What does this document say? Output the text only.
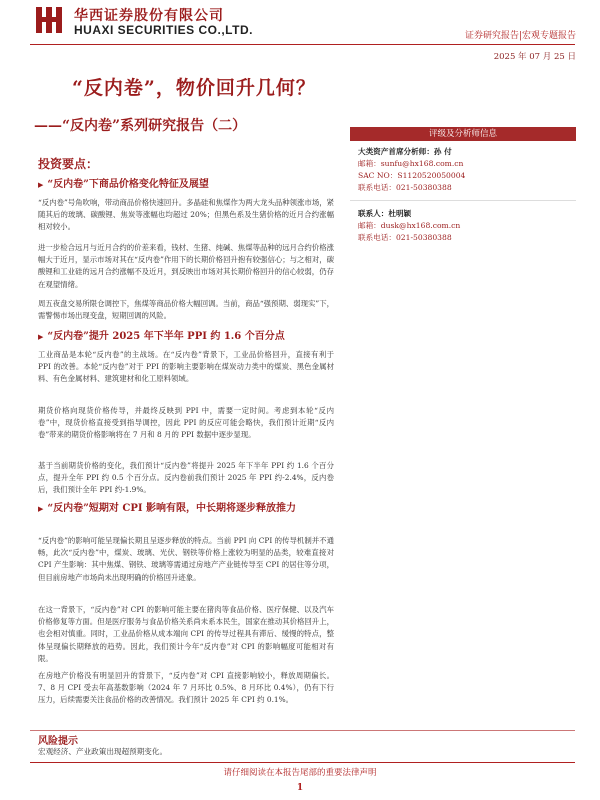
华西证券股份有限公司
HUAXI SECURITIES CO.,LTD.	证券研究报告|宏观专题报告
2025 年 07 月 25 日
“反内卷”，物价回升几何？
——“反内卷”系列研究报告（二）
投资要点：
▶ “反内卷”下商品价格变化特征及展望
“反内卷”号角吹响，带动商品价格快速回升。多晶硅和焦煤作为两大龙头品种领涨市场，紧随其后的玻璃、碳酸锂、焦炭等涨幅也均超过 20%；但黑色系及生猪价格的近月合约涨幅相对较小。
进一步检合远月与近月合约的价差来看，钱材、生猪、纯碱、焦煤等品种的远月合约价格涨幅大于近月，显示市场对其在“反内卷”作用下的长期价格回升抱有较强信心；与之相对，碳酸锂和工业硅的远月合约涨幅不及近月，到反映出市场对其长期价格回升的信心较弱，仍存在观望情绪。
周五夜盘交易所限仓调控下，焦煤等商品价格大幅回调。当前，商品“强预期、弱现实”下，需警惕市场出现变盘，短期回调的风险。
▶ “反内卷”提升 2025 年下半年 PPI 约 1.6 个百分点
工业商品是本轮“反内卷”的主战场。在“反内卷”背景下，工业品价格回升，直接有利于 PPI 的改善。本轮“反内卷”对于 PPI 的影响主要影响在煤炭动力类中的煤炭、黑色金属材料、有色金属材料、建筑建材和化工原料领域。
期货价格向现货价格传导，并最终反映到 PPI 中，需要一定时间。考虑到本轮“反内卷”中，现货价格直接受到指导调控，因此 PPI 的反应可能会略快，我们预计近期“反内卷”带来的期货价格影响将在 7 月和 8 月的 PPI 数据中逐步显现。
基于当前期货价格的变化，我们预计“反内卷”将提升 2025 年下半年 PPI 约 1.6 个百分点，提升全年 PPI 约 0.5 个百分点。反内卷前我们预计 2025 年 PPI 约-2.4%，反内卷后，我们预计全年 PPI 约-1.9%。
▶ “反内卷”短期对 CPI 影响有限，中长期将逐步释放推力
“反内卷”的影响可能呈现偏长期且呈逐步释放的特点。当前 PPI 向 CPI 的传导机制并不通畅，此次“反内卷”中，煤炭、玻璃、光伏、钢铁等价格上涨较为明显的品类，较难直接对 CPI 产生影响：其中焦煤、钢铁、玻璃等需通过房地产产业链传导至 CPI 的居住等分项，但目前房地产市场尚未出现明确的价格回升迹象。
在这一背景下，“反内卷”对 CPI 的影响可能主要在猪肉等食品价格、医疗保健、以及汽车价格修复等方面。但是医疗服务与食品价格关系尚未系本民生，国家在推动其价格回升上，也会相对慎重。同时，工业品价格从成本端向 CPI 的传导过程具有滞后、缓慢的特点，整体呈现偏长期释放的趋势。因此，我们预计今年“反内卷”对 CPI 的影响幅度可能相对有限。
在房地产价格没有明显回升的背景下，“反内卷”对 CPI 直接影响较小，释放周期偏长。7、8 月 CPI 受去年高基数影响（2024 年 7 月环比 0.5%、8 月环比 0.4%），仍有下行压力，后续需要关注食品价格的改善情况。我们预计 2025 年 CPI 约 0.1%。
评级及分析师信息
大类资产首席分析师：孙 付
邮箱：sunfu@hx168.com.cn
SAC NO：S1120520050004
联系电话：021-50380388
联系人：杜明颖
邮箱：dusk@hx168.com.cn
联系电话：021-50380388
风险提示
宏观经济、产业政策出现超预期变化。
请仔细阅读在本报告尾部的重要法律声明
1
